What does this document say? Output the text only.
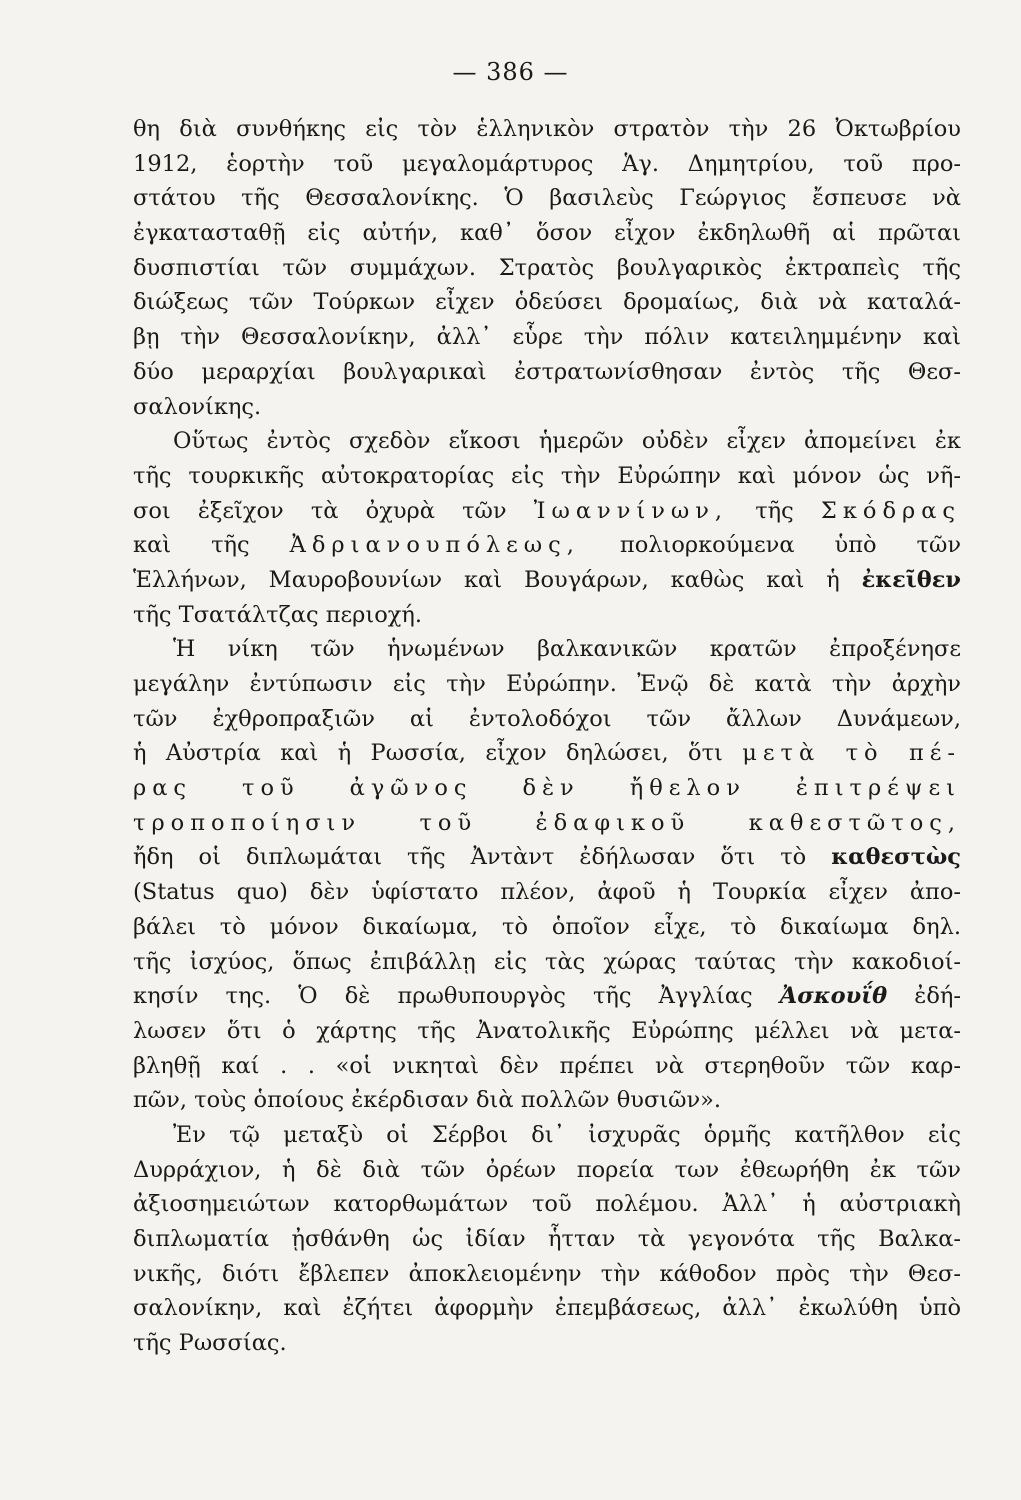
— 386 —
θη διὰ συνθήκης εἰς τὸν ἑλληνικὸν στρατὸν τὴν 26 Ὀκτωβρίου
1912, ἑορτὴν τοῦ μεγαλομάρτυρος Ἁγ. Δημητρίου, τοῦ προ-
στάτου τῆς Θεσσαλονίκης. Ὁ βασιλεὺς Γεώργιος ἔσπευσε νὰ
ἐγκατασταθῇ εἰς αὐτήν, καθ᾽ ὅσον εἶχον ἐκδηλωθῆ αἱ πρῶται
δυσπιστίαι τῶν συμμάχων. Στρατὸς βουλγαρικὸς ἐκτραπεὶς τῆς
διώξεως τῶν Τούρκων εἶχεν ὁδεύσει δρομαίως, διὰ νὰ καταλά-
βῃ τὴν Θεσσαλονίκην, ἀλλ᾽ εὗρε τὴν πόλιν κατειλημμένην καὶ
δύο μεραρχίαι βουλγαρικαὶ ἐστρατωνίσθησαν ἐντὸς τῆς Θεσ-
σαλονίκης.
Οὕτως ἐντὸς σχεδὸν εἴκοσι ἡμερῶν οὐδὲν εἶχεν ἀπομείνει ἐκ
τῆς τουρκικῆς αὐτοκρατορίας εἰς τὴν Εὐρώπην καὶ μόνον ὡς νῆ-
σοι ἐξεῖχον τὰ ὀχυρὰ τῶν Ἰωαννίνων, τῆς Σκόδρας
καὶ τῆς Ἀδριανουπόλεως, πολιορκούμενα ὑπὸ τῶν
Ἑλλήνων, Μαυροβουνίων καὶ Βουγάρων, καθὼς καὶ ἡ ἐκεῖθεν
τῆς Τσατάλτζας περιοχή.
Ἡ νίκη τῶν ἡνωμένων βαλκανικῶν κρατῶν ἐπροξένησε
μεγάλην ἐντύπωσιν εἰς τὴν Εὐρώπην. Ἐνῷ δὲ κατὰ τὴν ἀρχὴν
τῶν ἐχθροπραξιῶν αἱ ἐντολοδόχοι τῶν ἄλλων Δυνάμεων,
ἡ Αὐστρία καὶ ἡ Ρωσσία, εἶχον δηλώσει, ὅτι μετὰ τὸ πέ-
ρας τοῦ ἀγῶνος δὲν ἤθελον ἐπιτρέψει
τροποποίησιν τοῦ ἐδαφικοῦ καθεστῶτος,
ἤδη οἱ διπλωμάται τῆς Ἀντὰντ ἐδήλωσαν ὅτι τὸ καθεστὼς
(Status quo) δὲν ὑφίστατο πλέον, ἀφοῦ ἡ Τουρκία εἶχεν ἀπο-
βάλει τὸ μόνον δικαίωμα, τὸ ὁποῖον εἶχε, τὸ δικαίωμα δηλ.
τῆς ἰσχύος, ὅπως ἐπιβάλλῃ εἰς τὰς χώρας ταύτας τὴν κακοδιοί-
κησίν της. Ὁ δὲ πρωθυπουργὸς τῆς Ἀγγλίας Ἀσκουΐθ ἐδή-
λωσεν ὅτι ὁ χάρτης τῆς Ἀνατολικῆς Εὐρώπης μέλλει νὰ μετα-
βληθῇ καί . . «οἱ νικηταὶ δὲν πρέπει νὰ στερηθοῦν τῶν καρ-
πῶν, τοὺς ὁποίους ἐκέρδισαν διὰ πολλῶν θυσιῶν».
Ἐν τῷ μεταξὺ οἱ Σέρβοι δι᾽ ἰσχυρᾶς ὁρμῆς κατῆλθον εἰς
Δυρράχιον, ἡ δὲ διὰ τῶν ὀρέων πορεία των ἐθεωρήθη ἐκ τῶν
ἀξιοσημειώτων κατορθωμάτων τοῦ πολέμου. Ἀλλ᾽ ἡ αὐστριακὴ
διπλωματία ᾐσθάνθη ὡς ἰδίαν ἧτταν τὰ γεγονότα τῆς Βαλκα-
νικῆς, διότι ἔβλεπεν ἀποκλειομένην τὴν κάθοδον πρὸς τὴν Θεσ-
σαλονίκην, καὶ ἐζήτει ἀφορμὴν ἐπεμβάσεως, ἀλλ᾽ ἐκωλύθη ὑπὸ
τῆς Ρωσσίας.
